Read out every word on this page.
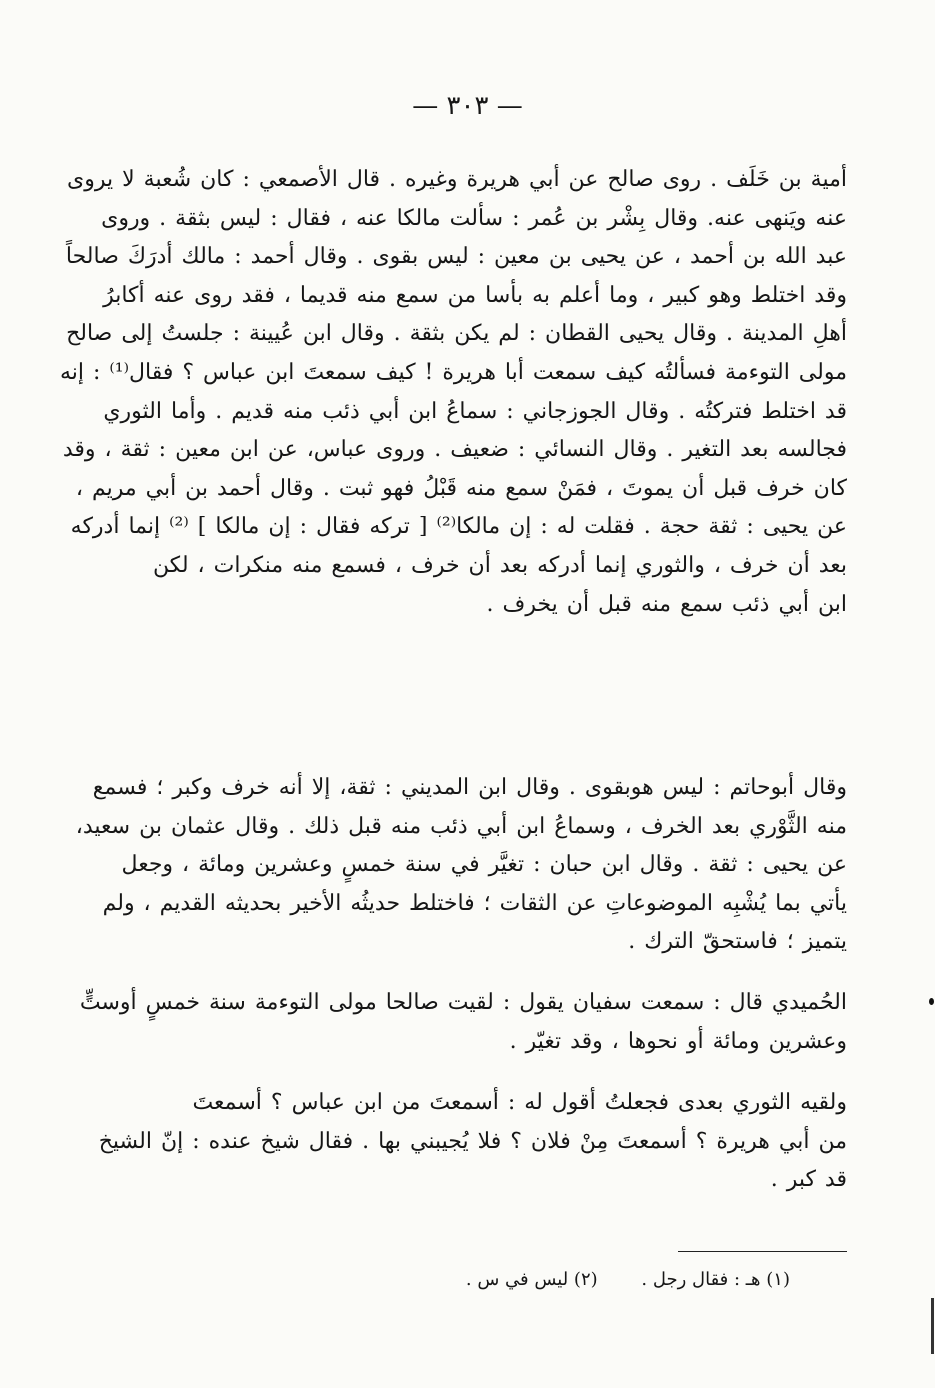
— ٣٠٣ —
أمية بن خَلَف . روى صالح عن أبي هريرة وغيره . قال الأصمعي : كان شُعبة لا يروى
عنه ويَنهى عنه. وقال بِشْر بن عُمر : سألت مالكا عنه ، فقال : ليس بثقة . وروى
عبد الله بن أحمد ، عن يحيى بن معين : ليس بقوى . وقال أحمد : مالك أدرَكَ صالحاً
وقد اختلط وهو كبير ، وما أعلم به بأسا من سمع منه قديما ، فقد روى عنه أكابرُ
أهلِ المدينة . وقال يحيى القطان : لم يكن بثقة . وقال ابن عُيينة : جلستُ إلى صالح
مولى التوءمة فسألتُه كيف سمعت أبا هريرة ! كيف سمعتَ ابن عباس ؟ فقال⁽¹⁾ : إنه
قد اختلط فتركتُه . وقال الجوزجاني : سماعُ ابن أبي ذئب منه قديم . وأما الثوري
فجالسه بعد التغير . وقال النسائي : ضعيف . وروى عباس، عن ابن معين : ثقة ، وقد
كان خرف قبل أن يموتَ ، فمَنْ سمع منه قَبْلُ فهو ثبت . وقال أحمد بن أبي مريم ،
عن يحيى : ثقة حجة . فقلت له : إن مالكا⁽²⁾ [ تركه فقال : إن مالكا ] ⁽²⁾ إنما أدركه
بعد أن خرف ، والثوري إنما أدركه بعد أن خرف ، فسمع منه منكرات ، لكن
ابن أبي ذئب سمع منه قبل أن يخرف .
وقال أبوحاتم : ليس هوبقوى . وقال ابن المديني : ثقة، إلا أنه خرف وكبر ؛ فسمع
منه الثَّوْري بعد الخرف ، وسماعُ ابن أبي ذئب منه قبل ذلك . وقال عثمان بن سعيد،
عن يحيى : ثقة . وقال ابن حبان : تغيَّر في سنة خمسٍ وعشرين ومائة ، وجعل
يأتي بما يُشْبِه الموضوعاتِ عن الثقات ؛ فاختلط حديثُه الأخير بحديثه القديم ، ولم
يتميز ؛ فاستحقّ الترك .
الحُميدي قال : سمعت سفيان يقول : لقيت صالحا مولى التوءمة سنة خمسٍ أوستٍّ
وعشرين ومائة أو نحوها ، وقد تغيّر .
ولقيه الثوري بعدى فجعلتُ أقول له : أسمعتَ من ابن عباس ؟ أسمعتَ
من أبي هريرة ؟ أسمعتَ مِنْ فلان ؟ فلا يُجيبني بها . فقال شيخ عنده : إنّ الشيخ
قد كبر .
(١) هـ : فقال رجل . (٢) ليس في س .
